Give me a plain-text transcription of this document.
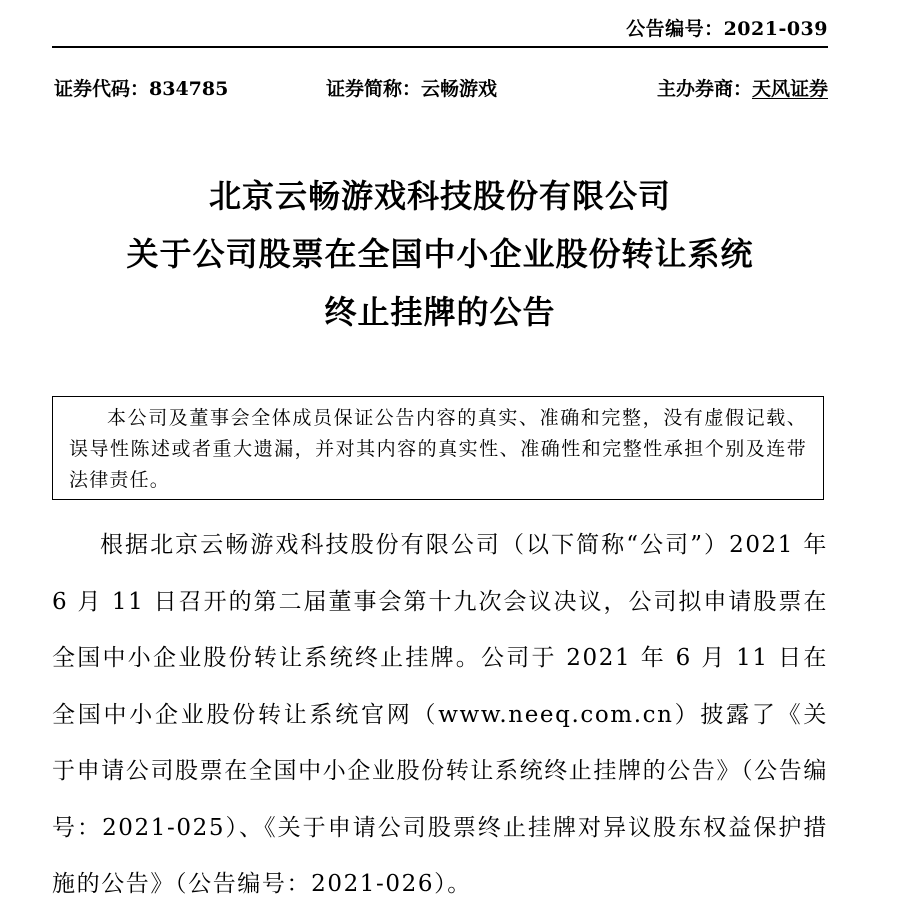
公告编号：2021-039
证券代码：834785	证券简称：云畅游戏	主办券商：天风证券
北京云畅游戏科技股份有限公司
关于公司股票在全国中小企业股份转让系统
终止挂牌的公告
本公司及董事会全体成员保证公告内容的真实、准确和完整，没有虚假记载、误导性陈述或者重大遗漏，并对其内容的真实性、准确性和完整性承担个别及连带法律责任。

根据北京云畅游戏科技股份有限公司（以下简称“公司”）2021 年 6 月 11 日召开的第二届董事会第十九次会议决议，公司拟申请股票在全国中小企业股份转让系统终止挂牌。公司于 2021 年 6 月 11 日在全国中小企业股份转让系统官网（www.neeq.com.cn）披露了《关于申请公司股票在全国中小企业股份转让系统终止挂牌的公告》（公告编号：2021-025）、《关于申请公司股票终止挂牌对异议股东权益保护措施的公告》（公告编号：2021-026）。
